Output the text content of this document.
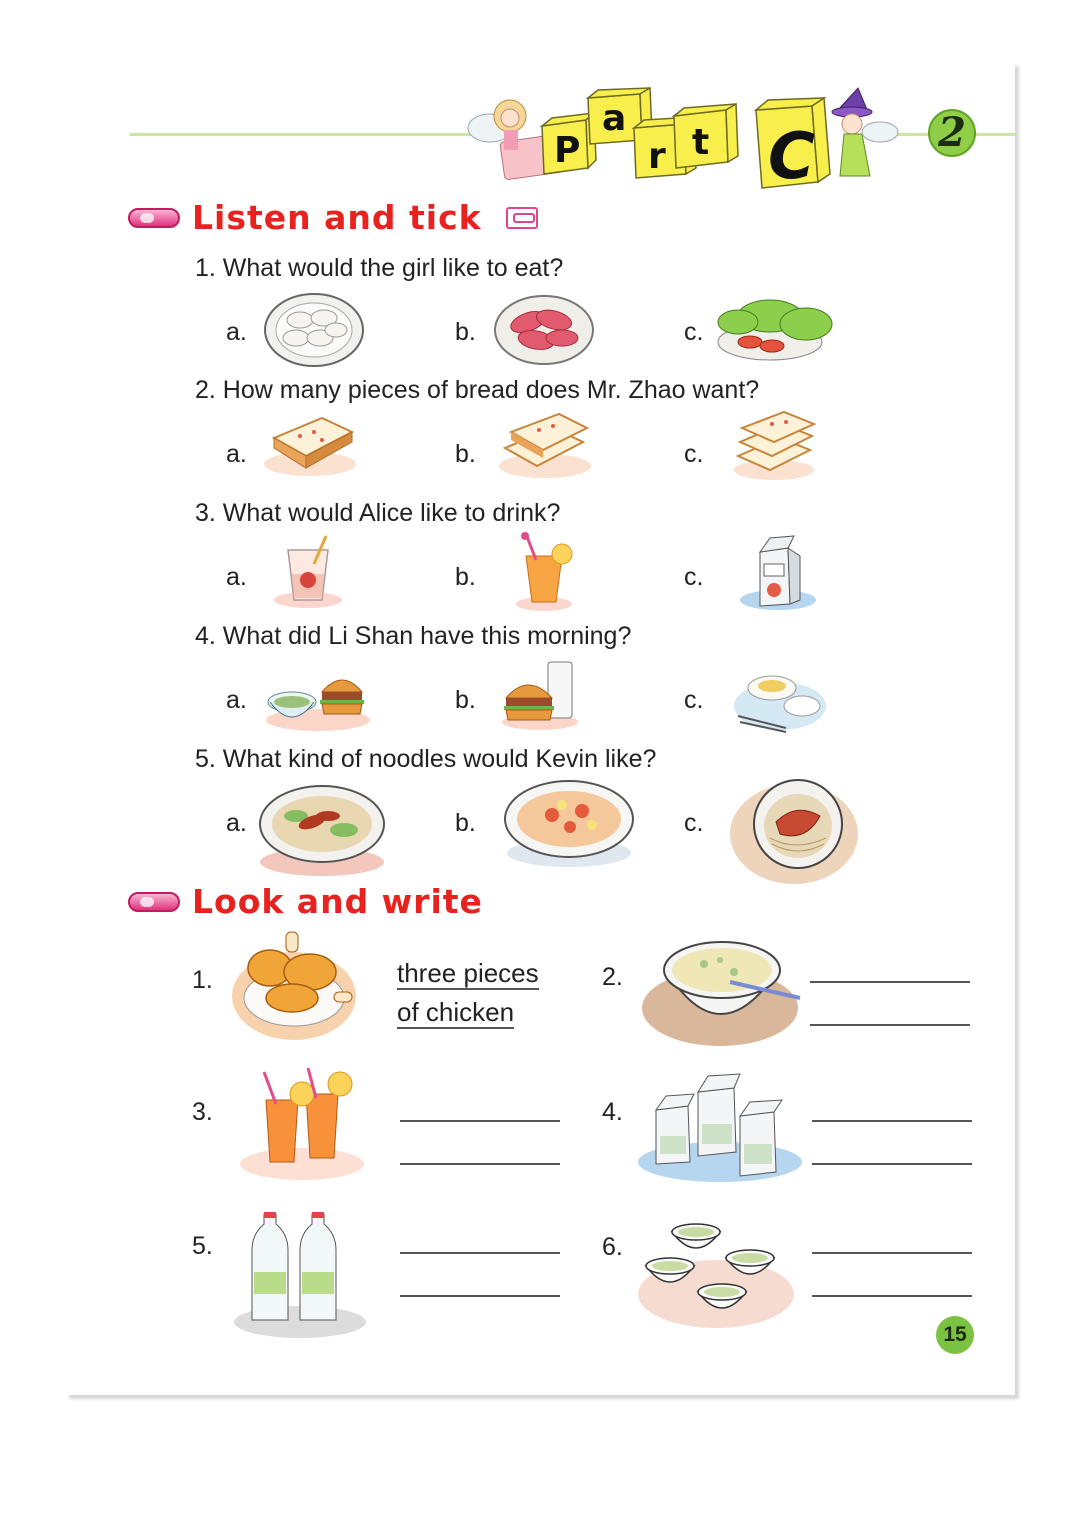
P
a
r t C	2
Listen and tick
1. What would the girl like to eat?
2. How many pieces of bread does Mr. Zhao want?
3. What would Alice like to drink?
4. What did Li Shan have this morning?
5. What kind of noodles would Kevin like?
a.	b.	c.
a.	b.	c.
a.	b.	c.
a.	b.	c.
a.	b.	c.
Look and write
1.	three pieces
of chicken
2.
3.	4.
5.	6.
15
